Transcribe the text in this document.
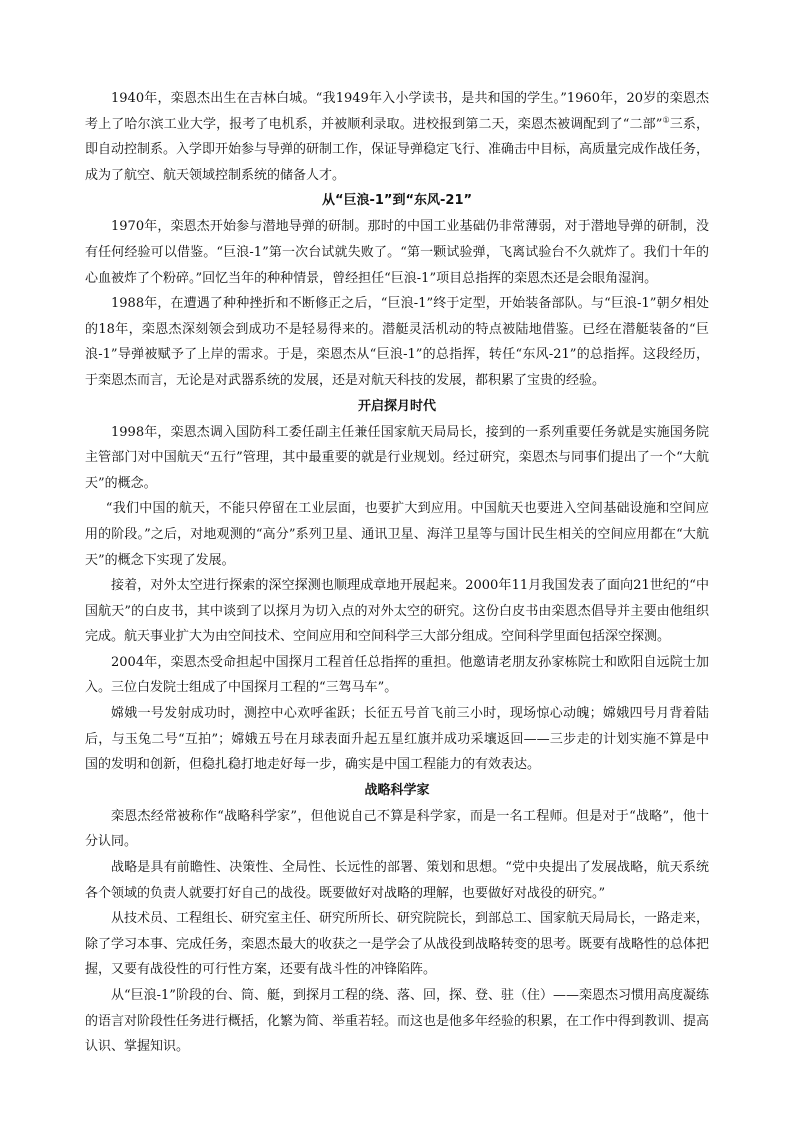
1940年，栾恩杰出生在吉林白城。“我1949年入小学读书，是共和国的学生。”1960年，20岁的栾恩杰考上了哈尔滨工业大学，报考了电机系，并被顺利录取。进校报到第二天，栾恩杰被调配到了“二部”①三系，即自动控制系。入学即开始参与导弹的研制工作，保证导弹稳定飞行、准确击中目标，高质量完成作战任务，成为了航空、航天领域控制系统的储备人才。

从“巨浪-1”到“东风-21”

1970年，栾恩杰开始参与潜地导弹的研制。那时的中国工业基础仍非常薄弱，对于潜地导弹的研制，没有任何经验可以借鉴。“巨浪-1”第一次台试就失败了。“第一颗试验弹，飞离试验台不久就炸了。我们十年的心血被炸了个粉碎。”回忆当年的种种情景，曾经担任“巨浪-1”项目总指挥的栾恩杰还是会眼角湿润。

1988年，在遭遇了种种挫折和不断修正之后，“巨浪-1”终于定型，开始装备部队。与“巨浪-1”朝夕相处的18年，栾恩杰深刻领会到成功不是轻易得来的。潜艇灵活机动的特点被陆地借鉴。已经在潜艇装备的“巨浪-1”导弹被赋予了上岸的需求。于是，栾恩杰从“巨浪-1”的总指挥，转任“东风-21”的总指挥。这段经历，于栾恩杰而言，无论是对武器系统的发展，还是对航天科技的发展，都积累了宝贵的经验。

开启探月时代

1998年，栾恩杰调入国防科工委任副主任兼任国家航天局局长，接到的一系列重要任务就是实施国务院主管部门对中国航天“五行”管理，其中最重要的就是行业规划。经过研究，栾恩杰与同事们提出了一个“大航天”的概念。

“我们中国的航天，不能只停留在工业层面，也要扩大到应用。中国航天也要进入空间基础设施和空间应用的阶段。”之后，对地观测的“高分”系列卫星、通讯卫星、海洋卫星等与国计民生相关的空间应用都在“大航天”的概念下实现了发展。

接着，对外太空进行探索的深空探测也顺理成章地开展起来。2000年11月我国发表了面向21世纪的“中国航天”的白皮书，其中谈到了以探月为切入点的对外太空的研究。这份白皮书由栾恩杰倡导并主要由他组织完成。航天事业扩大为由空间技术、空间应用和空间科学三大部分组成。空间科学里面包括深空探测。

2004年，栾恩杰受命担起中国探月工程首任总指挥的重担。他邀请老朋友孙家栋院士和欧阳自远院士加入。三位白发院士组成了中国探月工程的“三驾马车”。

嫦娥一号发射成功时，测控中心欢呼雀跃；长征五号首飞前三小时，现场惊心动魄；嫦娥四号月背着陆后，与玉兔二号“互拍”；嫦娥五号在月球表面升起五星红旗并成功采壤返回——三步走的计划实施不算是中国的发明和创新，但稳扎稳打地走好每一步，确实是中国工程能力的有效表达。

战略科学家

栾恩杰经常被称作“战略科学家”，但他说自己不算是科学家，而是一名工程师。但是对于“战略”，他十分认同。

战略是具有前瞻性、决策性、全局性、长远性的部署、策划和思想。“党中央提出了发展战略，航天系统各个领域的负责人就要打好自己的战役。既要做好对战略的理解，也要做好对战役的研究。”

从技术员、工程组长、研究室主任、研究所所长、研究院院长，到部总工、国家航天局局长，一路走来，除了学习本事、完成任务，栾恩杰最大的收获之一是学会了从战役到战略转变的思考。既要有战略性的总体把握，又要有战役性的可行性方案，还要有战斗性的冲锋陷阵。

从“巨浪-1”阶段的台、筒、艇，到探月工程的绕、落、回，探、登、驻（住）——栾恩杰习惯用高度凝练的语言对阶段性任务进行概括，化繁为简、举重若轻。而这也是他多年经验的积累，在工作中得到教训、提高认识、掌握知识。
